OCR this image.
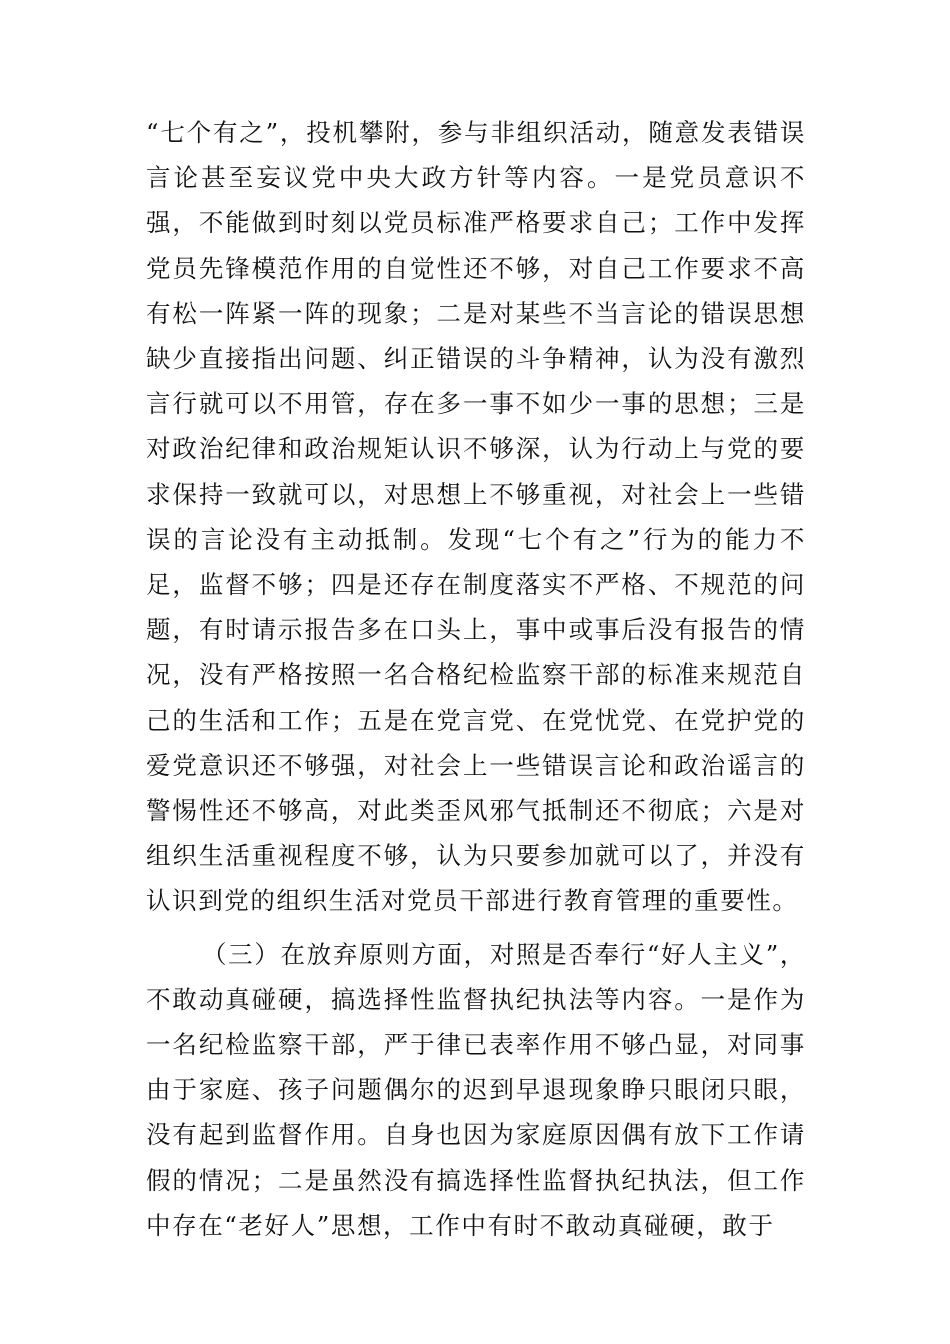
“七个有之”，投机攀附，参与非组织活动，随意发表错误言论甚至妄议党中央大政方针等内容。一是党员意识不强，不能做到时刻以党员标准严格要求自己；工作中发挥党员先锋模范作用的自觉性还不够，对自己工作要求不高有松一阵紧一阵的现象；二是对某些不当言论的错误思想缺少直接指出问题、纠正错误的斗争精神，认为没有激烈言行就可以不用管，存在多一事不如少一事的思想；三是对政治纪律和政治规矩认识不够深，认为行动上与党的要求保持一致就可以，对思想上不够重视，对社会上一些错误的言论没有主动抵制。发现“七个有之”行为的能力不足，监督不够；四是还存在制度落实不严格、不规范的问题，有时请示报告多在口头上，事中或事后没有报告的情况，没有严格按照一名合格纪检监察干部的标准来规范自己的生活和工作；五是在党言党、在党忧党、在党护党的爱党意识还不够强，对社会上一些错误言论和政治谣言的警惕性还不够高，对此类歪风邪气抵制还不彻底；六是对组织生活重视程度不够，认为只要参加就可以了，并没有认识到党的组织生活对党员干部进行教育管理的重要性。

（三）在放弃原则方面，对照是否奉行“好人主义”，不敢动真碰硬，搞选择性监督执纪执法等内容。一是作为一名纪检监察干部，严于律已表率作用不够凸显，对同事由于家庭、孩子问题偶尔的迟到早退现象睁只眼闭只眼，没有起到监督作用。自身也因为家庭原因偶有放下工作请假的情况；二是虽然没有搞选择性监督执纪执法，但工作中存在“老好人”思想，工作中有时不敢动真碰硬，敢于
